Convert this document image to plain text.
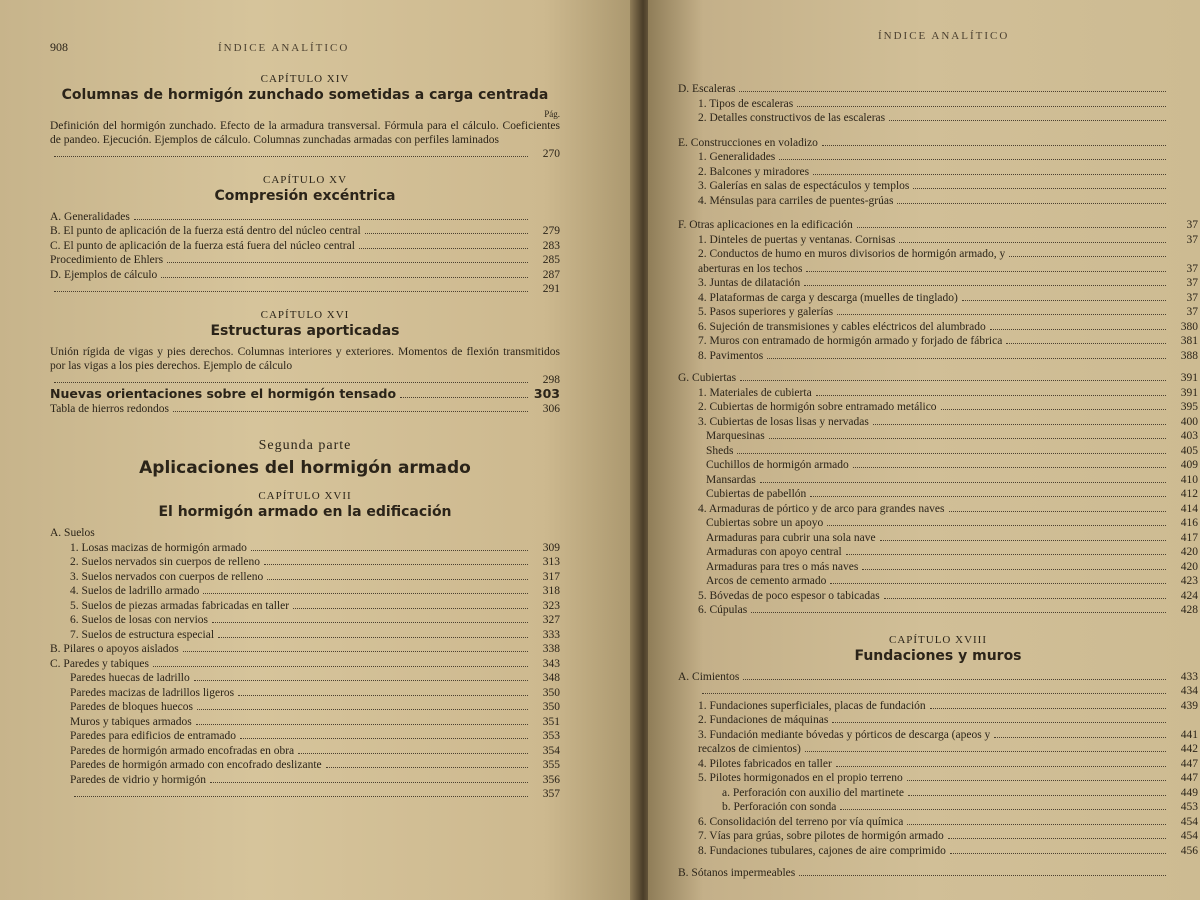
908	ÍNDICE ANALÍTICO
CAPÍTULO XIV
Columnas de hormigón zunchado sometidas a carga centrada
Pág.
Definición del hormigón zunchado. Efecto de la armadura transversal. Fórmula para el cálculo. Coeficientes de pandeo. Ejecución. Ejemplos de cálculo. Columnas zunchadas armadas con perfiles laminados
270
CAPÍTULO XV
Compresión excéntrica
A. Generalidades
B. El punto de aplicación de la fuerza está dentro del núcleo central	279
C. El punto de aplicación de la fuerza está fuera del núcleo central	283
Procedimiento de Ehlers	285
D. Ejemplos de cálculo	287
291
CAPÍTULO XVI
Estructuras aporticadas
Unión rígida de vigas y pies derechos. Columnas interiores y exteriores. Momentos de flexión transmitidos por las vigas a los pies derechos. Ejemplo de cálculo
298
Nuevas orientaciones sobre el hormigón tensado	303
Tabla de hierros redondos	306
Segunda parte
Aplicaciones del hormigón armado
CAPÍTULO XVII
El hormigón armado en la edificación
A. Suelos
1. Losas macizas de hormigón armado	309
2. Suelos nervados sin cuerpos de relleno	313
3. Suelos nervados con cuerpos de relleno	317
4. Suelos de ladrillo armado	318
5. Suelos de piezas armadas fabricadas en taller	323
6. Suelos de losas con nervios	327
7. Suelos de estructura especial	333
B. Pilares o apoyos aislados	338
C. Paredes y tabiques	343
Paredes huecas de ladrillo	348
Paredes macizas de ladrillos ligeros	350
Paredes de bloques huecos	350
Muros y tabiques armados	351
Paredes para edificios de entramado	353
Paredes de hormigón armado encofradas en obra	354
Paredes de hormigón armado con encofrado deslizante	355
Paredes de vidrio y hormigón	356
357
ÍNDICE ANALÍTICO
D. Escaleras
1. Tipos de escaleras
2. Detalles constructivos de las escaleras
E. Construcciones en voladizo
1. Generalidades
2. Balcones y miradores
3. Galerías en salas de espectáculos y templos
4. Ménsulas para carriles de puentes-grúas
F. Otras aplicaciones en la edificación	37
1. Dinteles de puertas y ventanas. Cornisas	37
2. Conductos de humo en muros divisorios de hormigón armado, y
aberturas en los techos	37
3. Juntas de dilatación	37
4. Plataformas de carga y descarga (muelles de tinglado)	37
5. Pasos superiores y galerías	37
6. Sujeción de transmisiones y cables eléctricos del alumbrado	380
7. Muros con entramado de hormigón armado y forjado de fábrica	381
8. Pavimentos	388
G. Cubiertas	391
1. Materiales de cubierta	391
2. Cubiertas de hormigón sobre entramado metálico	395
3. Cubiertas de losas lisas y nervadas	400
Marquesinas	403
Sheds	405
Cuchillos de hormigón armado	409
Mansardas	410
Cubiertas de pabellón	412
4. Armaduras de pórtico y de arco para grandes naves	414
Cubiertas sobre un apoyo	416
Armaduras para cubrir una sola nave	417
Armaduras con apoyo central	420
Armaduras para tres o más naves	420
Arcos de cemento armado	423
5. Bóvedas de poco espesor o tabicadas	424
6. Cúpulas	428
CAPÍTULO XVIII
Fundaciones y muros
A. Cimientos	433
434
1. Fundaciones superficiales, placas de fundación	439
2. Fundaciones de máquinas
3. Fundación mediante bóvedas y pórticos de descarga (apeos y	441
recalzos de cimientos)	442
4. Pilotes fabricados en taller	447
5. Pilotes hormigonados en el propio terreno	447
a. Perforación con auxilio del martinete	449
b. Perforación con sonda	453
6. Consolidación del terreno por vía química	454
7. Vías para grúas, sobre pilotes de hormigón armado	454
8. Fundaciones tubulares, cajones de aire comprimido	456
B. Sótanos impermeables
